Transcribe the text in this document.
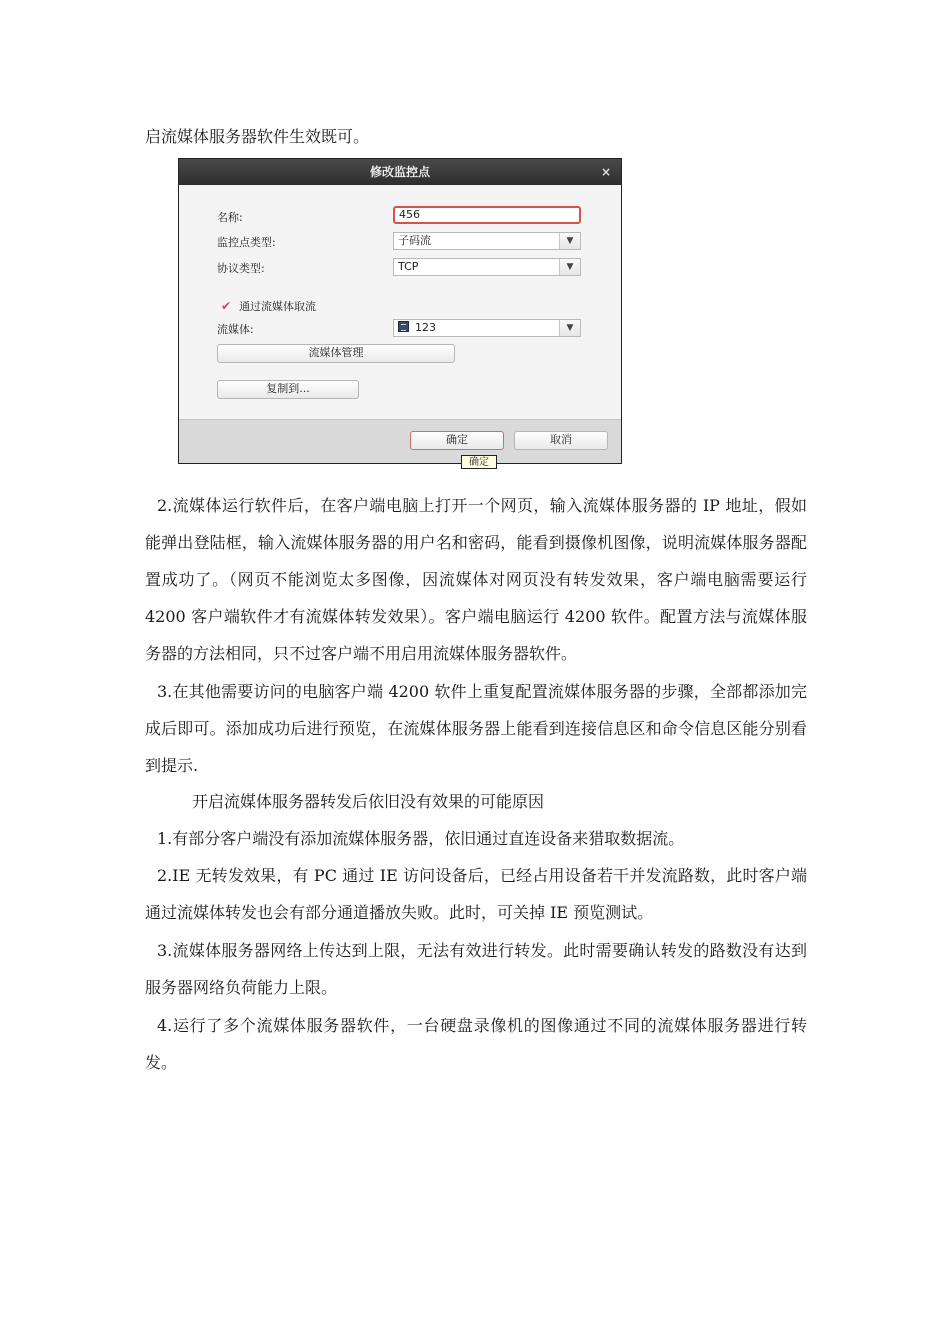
启流媒体服务器软件生效既可。

修改监控点	×
名称:	456
监控点类型:	子码流	▼
协议类型:	TCP	▼
✔ 通过流媒体取流
流媒体:	123	▼
流媒体管理
复制到...
确定	取消
确定

2.流媒体运行软件后，在客户端电脑上打开一个网页，输入流媒体服务器的 IP 地址，假如能弹出登陆框，输入流媒体服务器的用户名和密码，能看到摄像机图像，说明流媒体服务器配置成功了。（网页不能浏览太多图像，因流媒体对网页没有转发效果，客户端电脑需要运行 4200 客户端软件才有流媒体转发效果）。客户端电脑运行 4200 软件。配置方法与流媒体服务器的方法相同，只不过客户端不用启用流媒体服务器软件。

3.在其他需要访问的电脑客户端 4200 软件上重复配置流媒体服务器的步骤，全部都添加完成后即可。添加成功后进行预览，在流媒体服务器上能看到连接信息区和命令信息区能分别看到提示.

开启流媒体服务器转发后依旧没有效果的可能原因

1.有部分客户端没有添加流媒体服务器，依旧通过直连设备来猎取数据流。

2.IE 无转发效果，有 PC 通过 IE 访问设备后，已经占用设备若干并发流路数，此时客户端通过流媒体转发也会有部分通道播放失败。此时，可关掉 IE 预览测试。

3.流媒体服务器网络上传达到上限，无法有效进行转发。此时需要确认转发的路数没有达到服务器网络负荷能力上限。

4.运行了多个流媒体服务器软件，一台硬盘录像机的图像通过不同的流媒体服务器进行转发。
